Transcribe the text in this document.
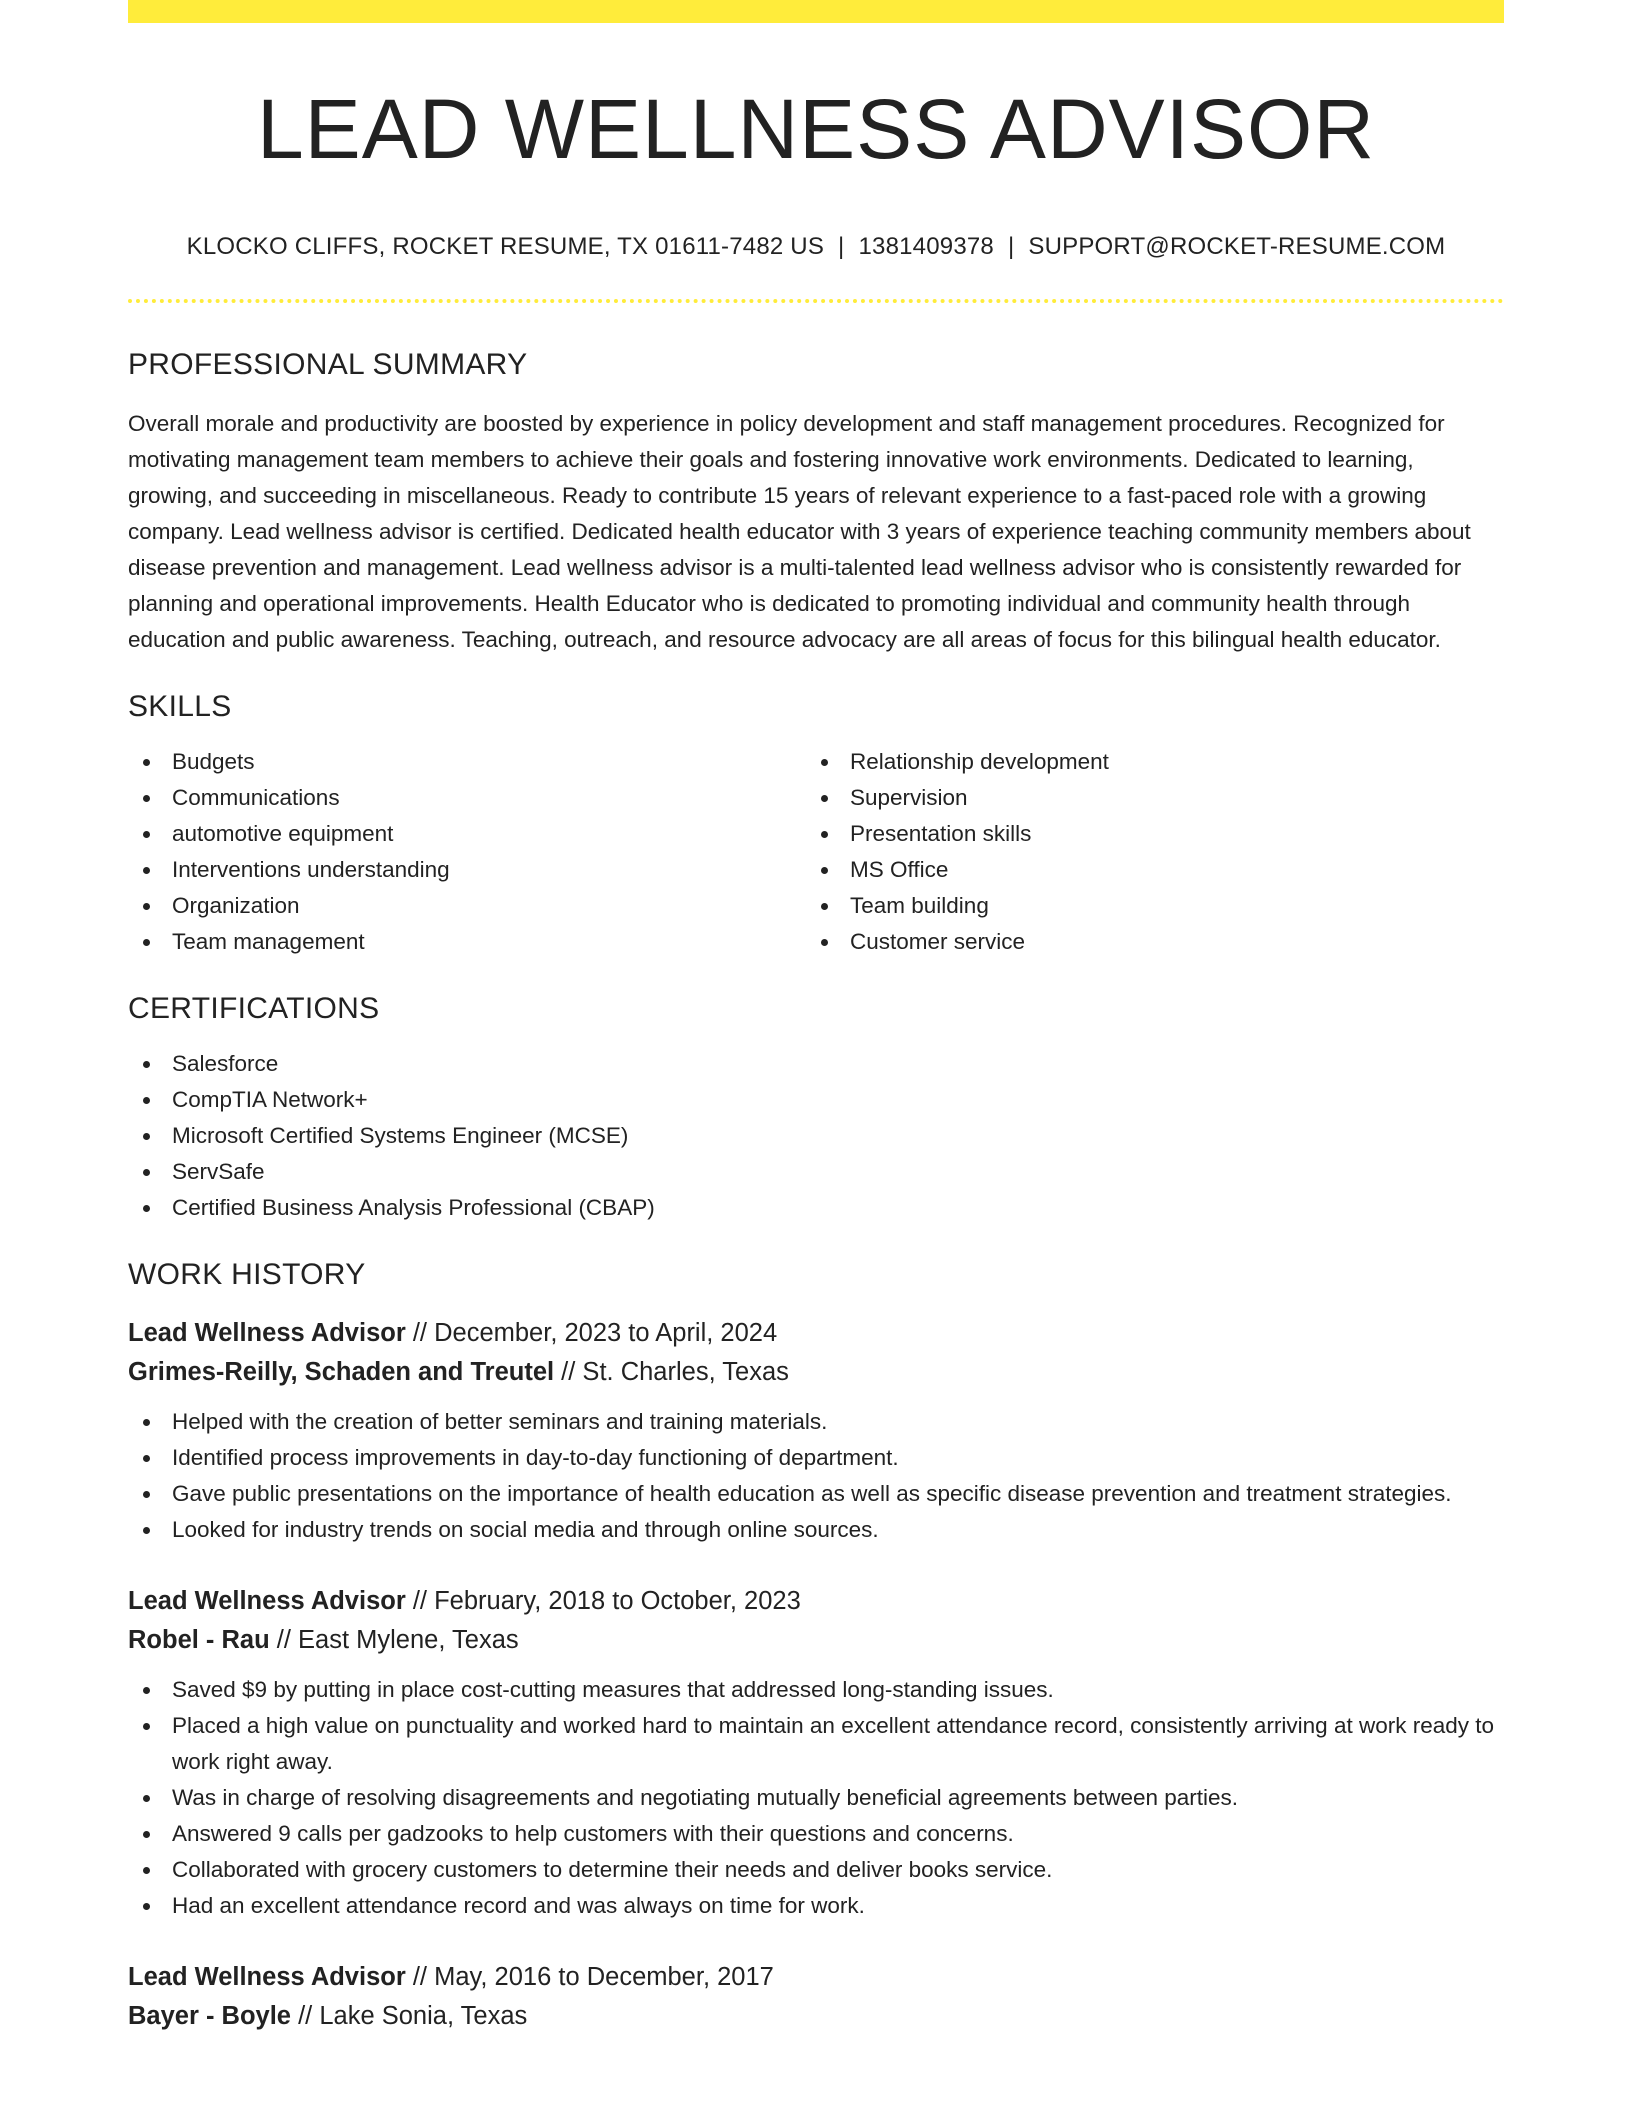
LEAD WELLNESS ADVISOR
KLOCKO CLIFFS, ROCKET RESUME, TX 01611-7482 US | 1381409378 | SUPPORT@ROCKET-RESUME.COM
PROFESSIONAL SUMMARY
Overall morale and productivity are boosted by experience in policy development and staff management procedures. Recognized for motivating management team members to achieve their goals and fostering innovative work environments. Dedicated to learning, growing, and succeeding in miscellaneous. Ready to contribute 15 years of relevant experience to a fast-paced role with a growing company. Lead wellness advisor is certified. Dedicated health educator with 3 years of experience teaching community members about disease prevention and management. Lead wellness advisor is a multi-talented lead wellness advisor who is consistently rewarded for planning and operational improvements. Health Educator who is dedicated to promoting individual and community health through education and public awareness. Teaching, outreach, and resource advocacy are all areas of focus for this bilingual health educator.
SKILLS
Budgets
Communications
automotive equipment
Interventions understanding
Organization
Team management
Relationship development
Supervision
Presentation skills
MS Office
Team building
Customer service
CERTIFICATIONS
Salesforce
CompTIA Network+
Microsoft Certified Systems Engineer (MCSE)
ServSafe
Certified Business Analysis Professional (CBAP)
WORK HISTORY
Lead Wellness Advisor // December, 2023 to April, 2024
Grimes-Reilly, Schaden and Treutel // St. Charles, Texas
Helped with the creation of better seminars and training materials.
Identified process improvements in day-to-day functioning of department.
Gave public presentations on the importance of health education as well as specific disease prevention and treatment strategies.
Looked for industry trends on social media and through online sources.
Lead Wellness Advisor // February, 2018 to October, 2023
Robel - Rau // East Mylene, Texas
Saved $9 by putting in place cost-cutting measures that addressed long-standing issues.
Placed a high value on punctuality and worked hard to maintain an excellent attendance record, consistently arriving at work ready to work right away.
Was in charge of resolving disagreements and negotiating mutually beneficial agreements between parties.
Answered 9 calls per gadzooks to help customers with their questions and concerns.
Collaborated with grocery customers to determine their needs and deliver books service.
Had an excellent attendance record and was always on time for work.
Lead Wellness Advisor // May, 2016 to December, 2017
Bayer - Boyle // Lake Sonia, Texas
